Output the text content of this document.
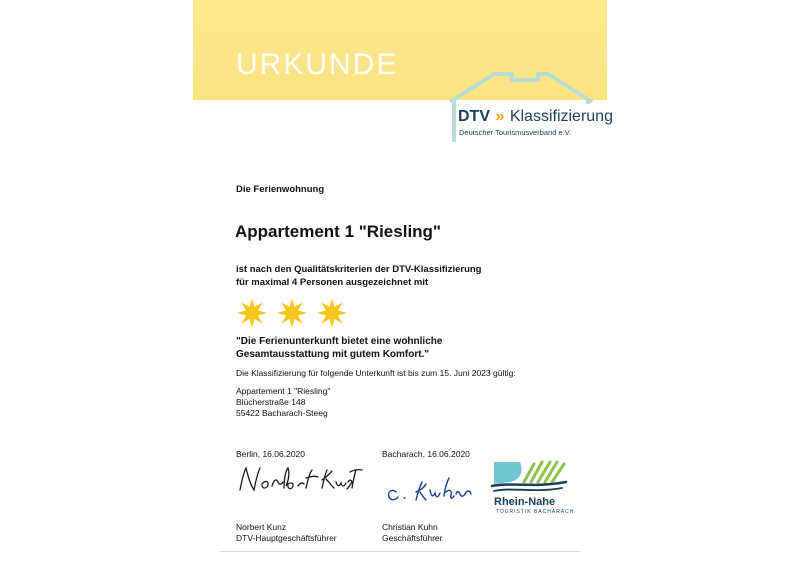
URKUNDE
DTV » Klassifizierung
Deutscher Tourismusverband e.V.
Die Ferienwohnung
Appartement 1 "Riesling"
ist nach den Qualitätskriterien der DTV-Klassifizierung
für maximal 4 Personen ausgezeichnet mit
"Die Ferienunterkunft bietet eine wohnliche
Gesamtausstattung mit gutem Komfort."
Die Klassifizierung für folgende Unterkunft ist bis zum 15. Juni 2023 gültig:
Appartement 1 "Riesling"
Blücherstraße 148
55422 Bacharach-Steeg
Berlin, 16.06.2020	Bacharach, 16.06.2020
Rhein-Nahe
TOURISTIK BACHARACH
Norbert Kunz
DTV-Hauptgeschäftsführer
Christian Kuhn
Geschäftsführer
